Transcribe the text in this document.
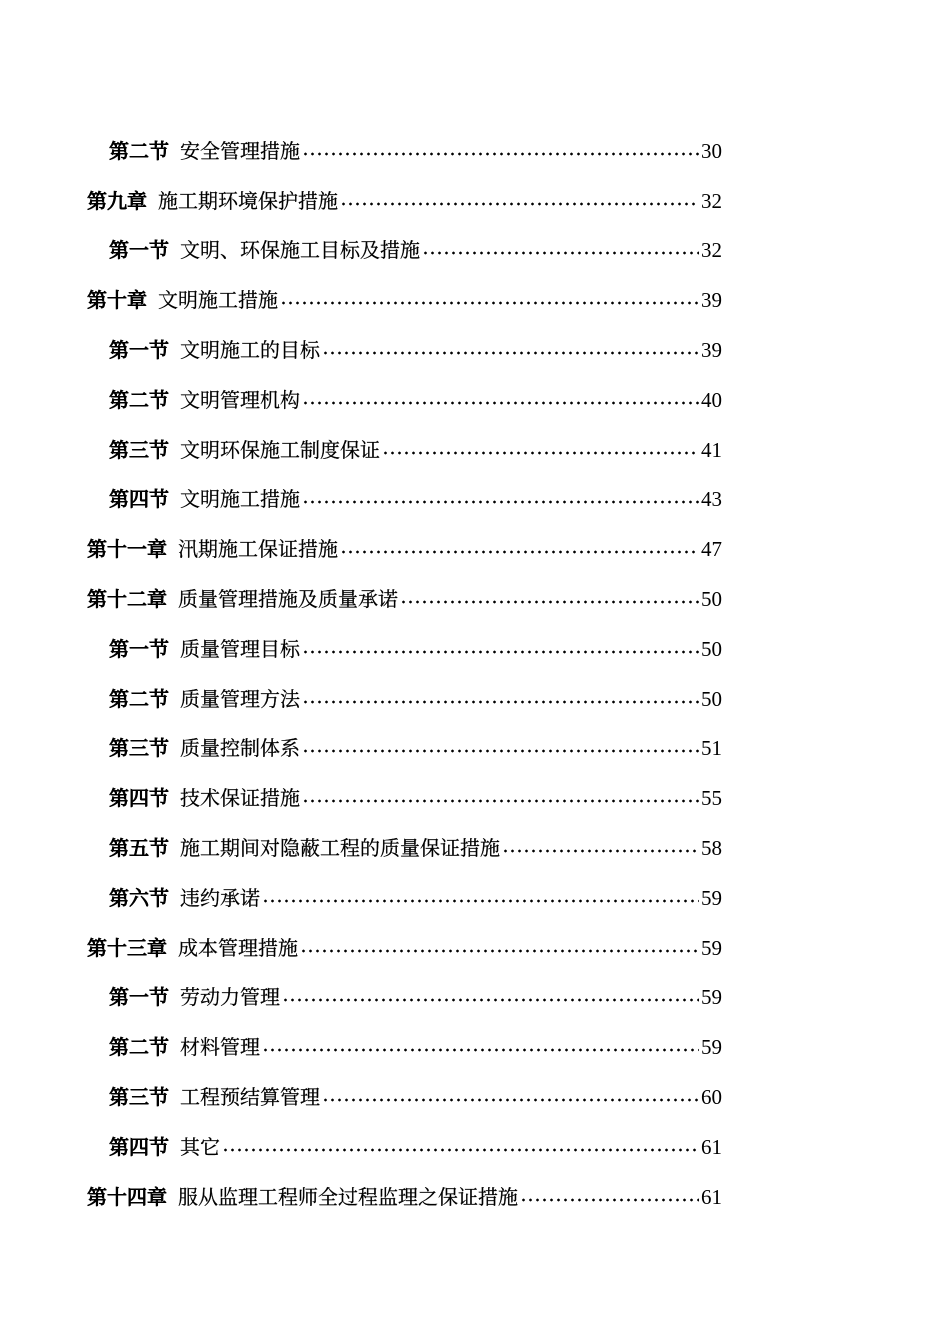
第二节 安全管理措施	30
第九章 施工期环境保护措施	32
第一节 文明、环保施工目标及措施	32
第十章 文明施工措施	39
第一节 文明施工的目标	39
第二节 文明管理机构	40
第三节 文明环保施工制度保证	41
第四节 文明施工措施	43
第十一章 汛期施工保证措施	47
第十二章 质量管理措施及质量承诺	50
第一节 质量管理目标	50
第二节 质量管理方法	50
第三节 质量控制体系	51
第四节 技术保证措施	55
第五节 施工期间对隐蔽工程的质量保证措施	58
第六节 违约承诺	59
第十三章 成本管理措施	59
第一节 劳动力管理	59
第二节 材料管理	59
第三节 工程预结算管理	60
第四节 其它	61
第十四章 服从监理工程师全过程监理之保证措施	61
